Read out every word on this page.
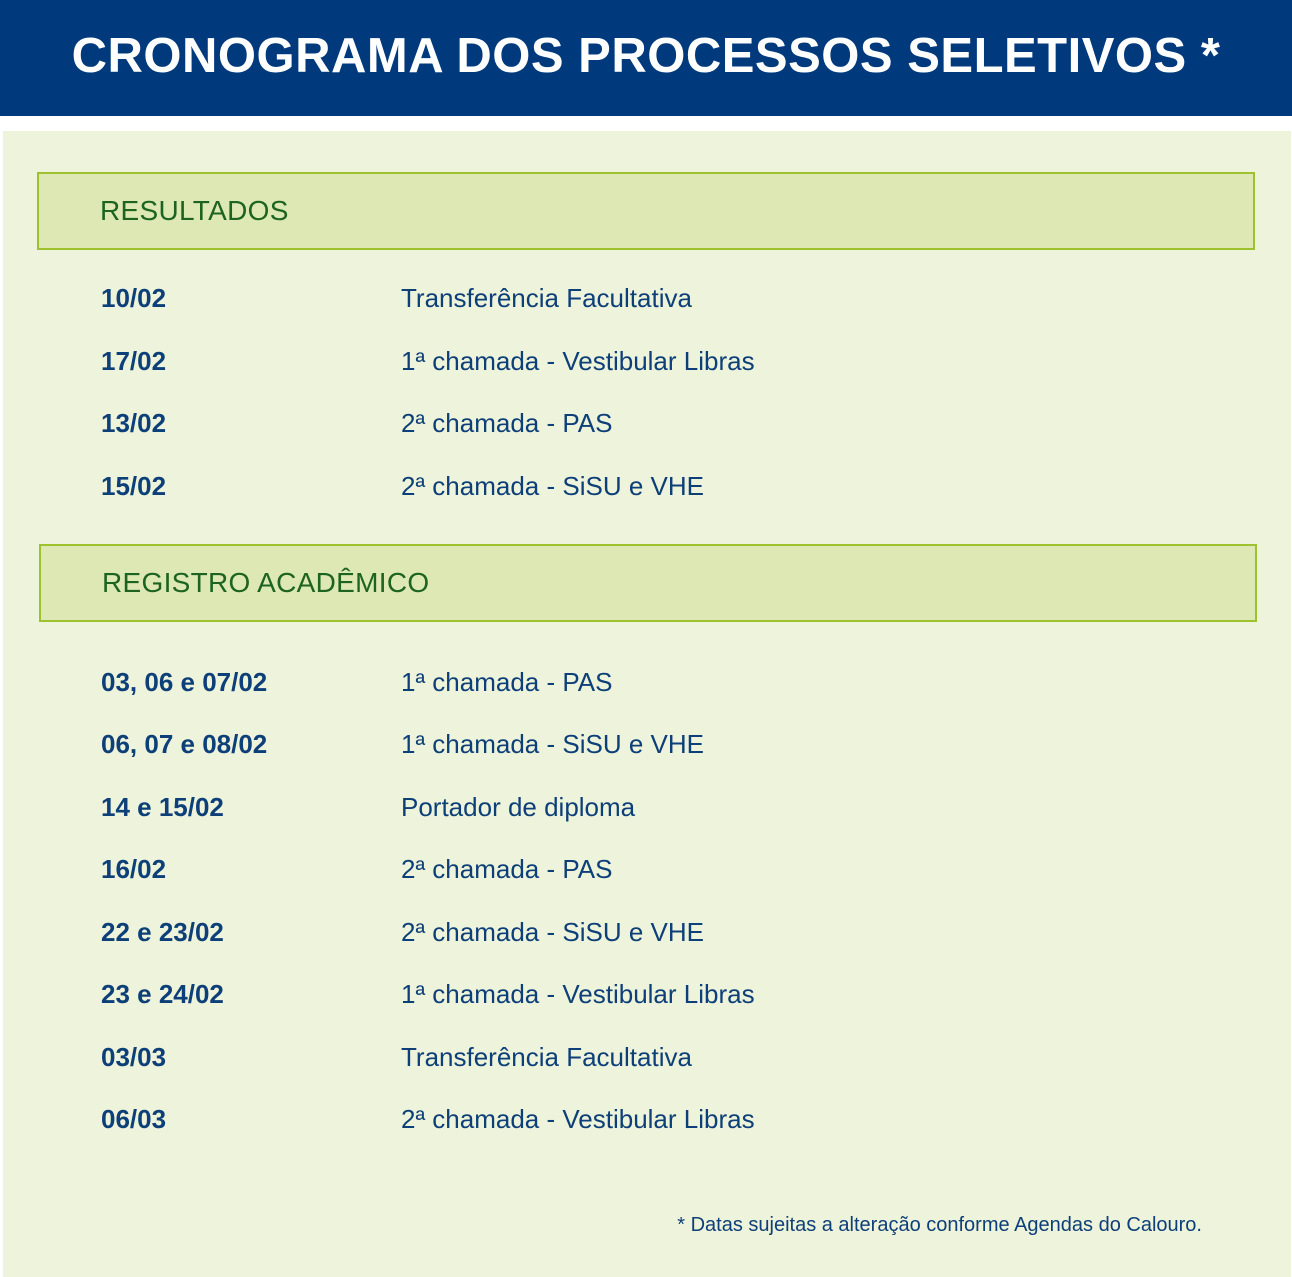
CRONOGRAMA DOS PROCESSOS SELETIVOS *
RESULTADOS
10/02	Transferência Facultativa
17/02	1ª chamada - Vestibular Libras
13/02	2ª chamada - PAS
15/02	2ª chamada - SiSU e VHE
REGISTRO ACADÊMICO
03, 06 e 07/02	1ª chamada - PAS
06, 07 e 08/02	1ª chamada - SiSU e VHE
14 e 15/02	Portador de diploma
16/02	2ª chamada - PAS
22 e 23/02	2ª chamada - SiSU e VHE
23 e 24/02	1ª chamada - Vestibular Libras
03/03	Transferência Facultativa
06/03	2ª chamada - Vestibular Libras
* Datas sujeitas a alteração conforme Agendas do Calouro.
